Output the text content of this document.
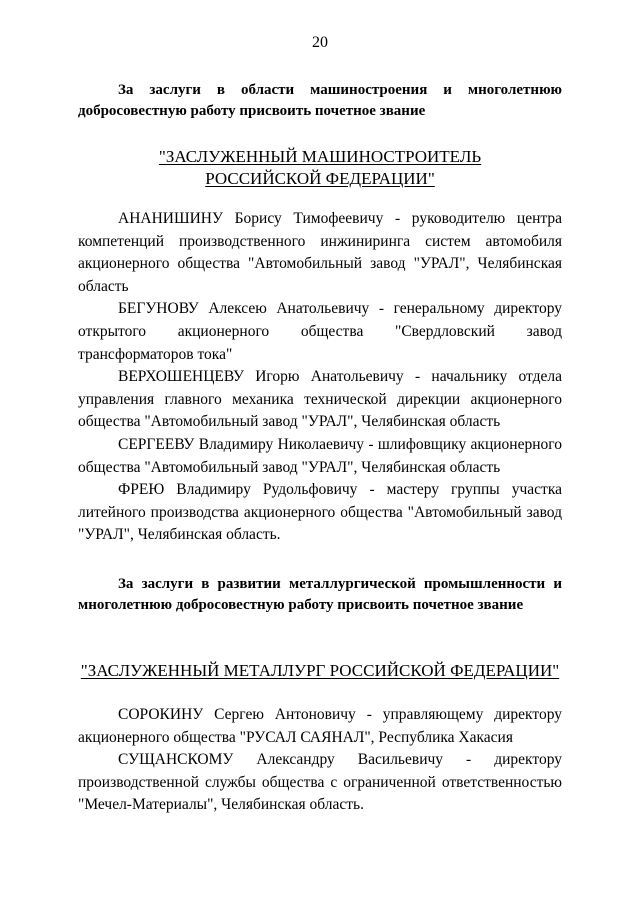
20
За заслуги в области машиностроения и многолетнюю добросовестную работу присвоить почетное звание
"ЗАСЛУЖЕННЫЙ МАШИНОСТРОИТЕЛЬ
РОССИЙСКОЙ ФЕДЕРАЦИИ"

АНАНИШИНУ Борису Тимофеевичу - руководителю центра компетенций производственного инжиниринга систем автомобиля акционерного общества "Автомобильный завод "УРАЛ", Челябинская область

БЕГУНОВУ Алексею Анатольевичу - генеральному директору открытого акционерного общества "Свердловский завод трансформаторов тока"

ВЕРХОШЕНЦЕВУ Игорю Анатольевичу - начальнику отдела управления главного механика технической дирекции акционерного общества "Автомобильный завод "УРАЛ", Челябинская область

СЕРГЕЕВУ Владимиру Николаевичу - шлифовщику акционерного общества "Автомобильный завод "УРАЛ", Челябинская область

ФРЕЮ Владимиру Рудольфовичу - мастеру группы участка литейного производства акционерного общества "Автомобильный завод "УРАЛ", Челябинская область.

За заслуги в развитии металлургической промышленности и многолетнюю добросовестную работу присвоить почетное звание
"ЗАСЛУЖЕННЫЙ МЕТАЛЛУРГ РОССИЙСКОЙ ФЕДЕРАЦИИ"

СОРОКИНУ Сергею Антоновичу - управляющему директору акционерного общества "РУСАЛ САЯНАЛ", Республика Хакасия

СУЩАНСКОМУ Александру Васильевичу - директору производственной службы общества с ограниченной ответственностью "Мечел-Материалы", Челябинская область.
